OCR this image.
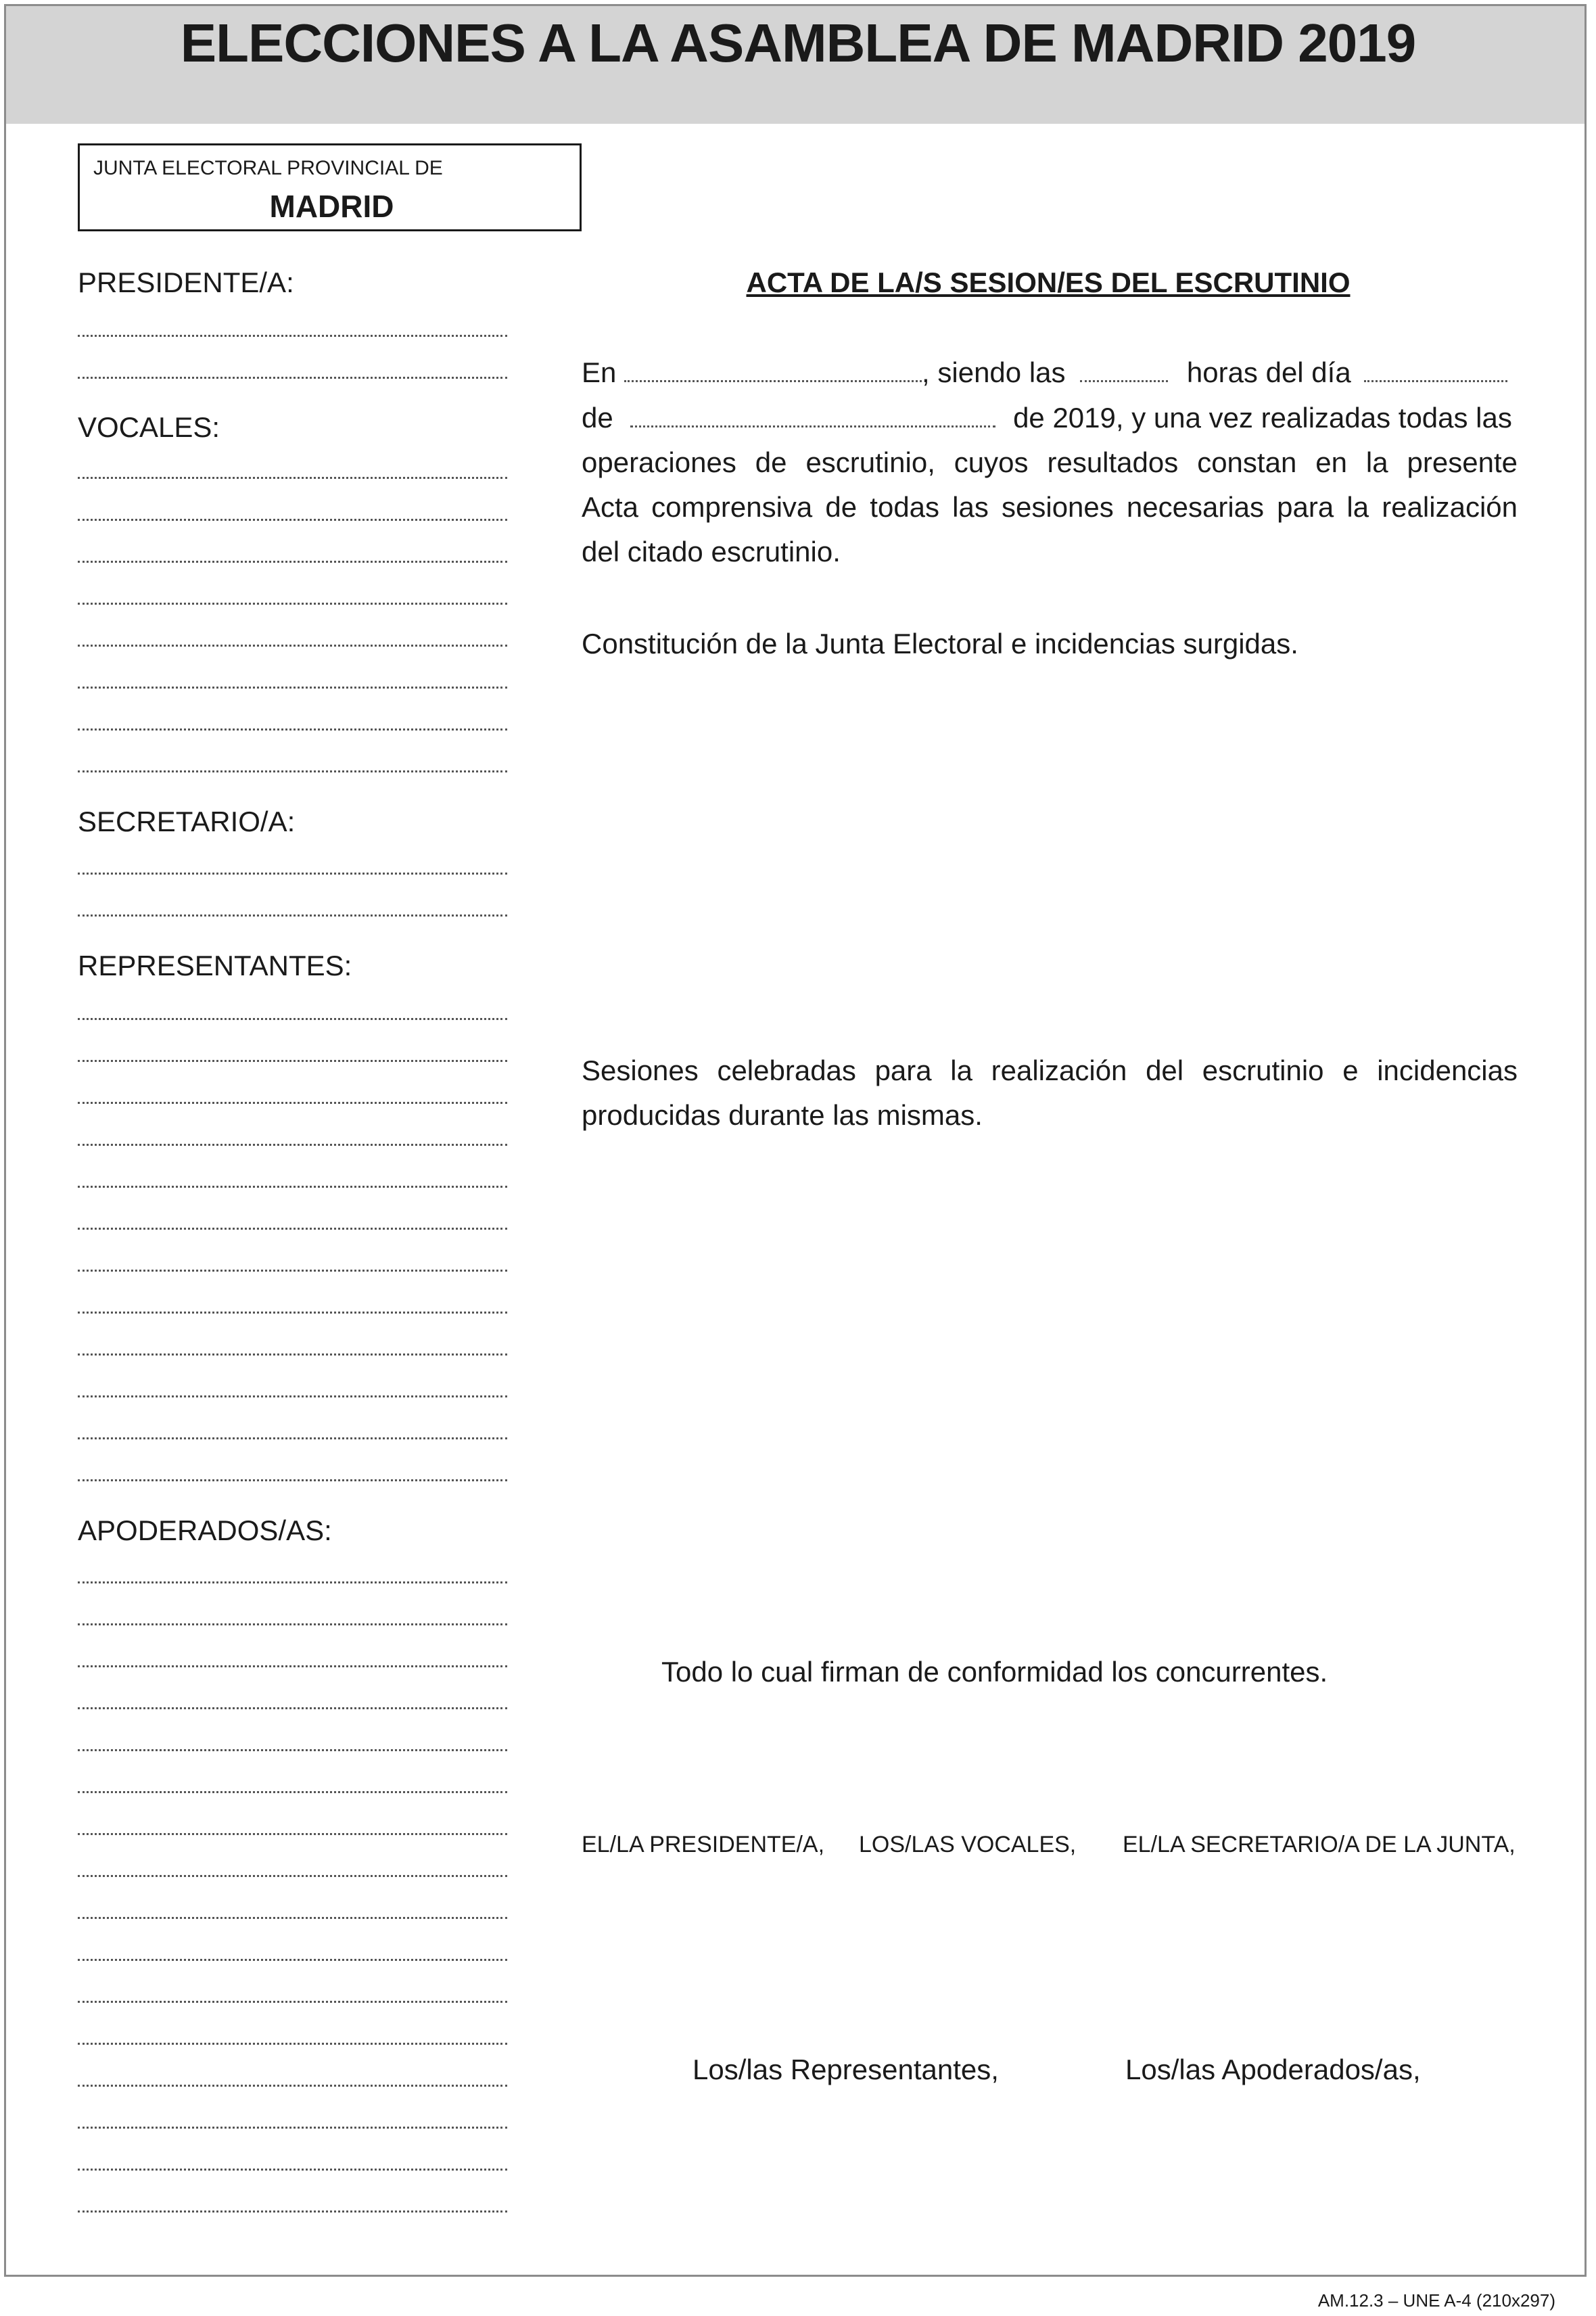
ELECCIONES A LA ASAMBLEA DE MADRID 2019
JUNTA ELECTORAL PROVINCIAL DE
MADRID
PRESIDENTE/A:
VOCALES:
SECRETARIO/A:
REPRESENTANTES:
APODERADOS/AS:
ACTA DE LA/S SESION/ES DEL ESCRUTINIO
En	, siendo las	horas del día
de	de 2019, y una vez realizadas todas las
operaciones de escrutinio, cuyos resultados constan en la presente
Acta comprensiva de todas las sesiones necesarias para la realización
del citado escrutinio.
Constitución de la Junta Electoral e incidencias surgidas.
Sesiones celebradas para la realización del escrutinio e incidencias
producidas durante las mismas.
Todo lo cual firman de conformidad los concurrentes.
EL/LA PRESIDENTE/A, LOS/LAS VOCALES, EL/LA SECRETARIO/A DE LA JUNTA,
Los/las Representantes,	Los/las Apoderados/as,
AM.12.3 – UNE A-4 (210x297)
